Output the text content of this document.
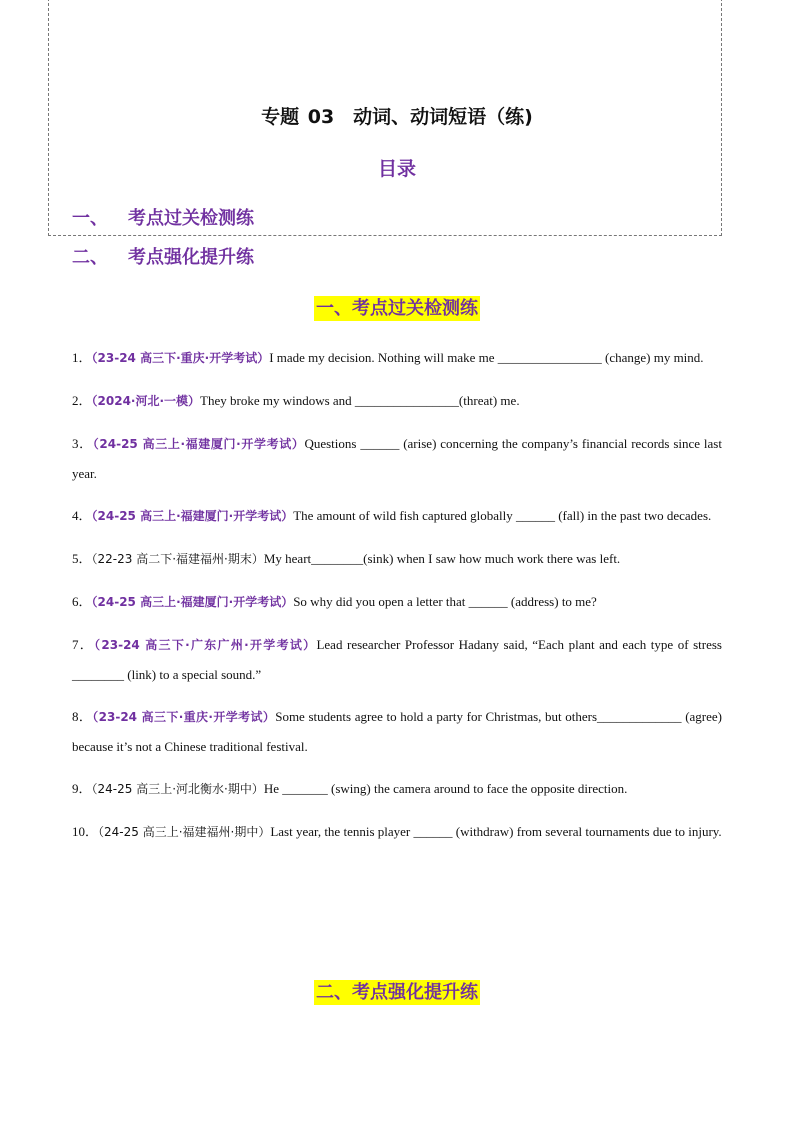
专题 03　动词、动词短语（练)
目录
一、	考点过关检测练
二、	考点强化提升练
一、考点过关检测练

1．（23-24 高三下·重庆·开学考试）I made my decision. Nothing will make me ________________ (change) my mind.

2．（2024·河北·一模）They broke my windows and ________________(threat) me.

3．（24-25 高三上·福建厦门·开学考试）Questions ______ (arise) concerning the company’s financial records since last year.

4．（24-25 高三上·福建厦门·开学考试）The amount of wild fish captured globally ______ (fall) in the past two decades.

5．（22-23 高二下·福建福州·期末）My heart________(sink) when I saw how much work there was left.

6．（24-25 高三上·福建厦门·开学考试）So why did you open a letter that ______ (address) to me?

7．（23-24 高三下·广东广州·开学考试）Lead researcher Professor Hadany said, “Each plant and each type of stress ________ (link) to a special sound.”

8．（23-24 高三下·重庆·开学考试）Some students agree to hold a party for Christmas, but others_____________ (agree) because it’s not a Chinese traditional festival.

9．（24-25 高三上·河北衡水·期中）He _______ (swing) the camera around to face the opposite direction.

10．（24-25 高三上·福建福州·期中）Last year, the tennis player ______ (withdraw) from several tournaments due to injury.

二、考点强化提升练
